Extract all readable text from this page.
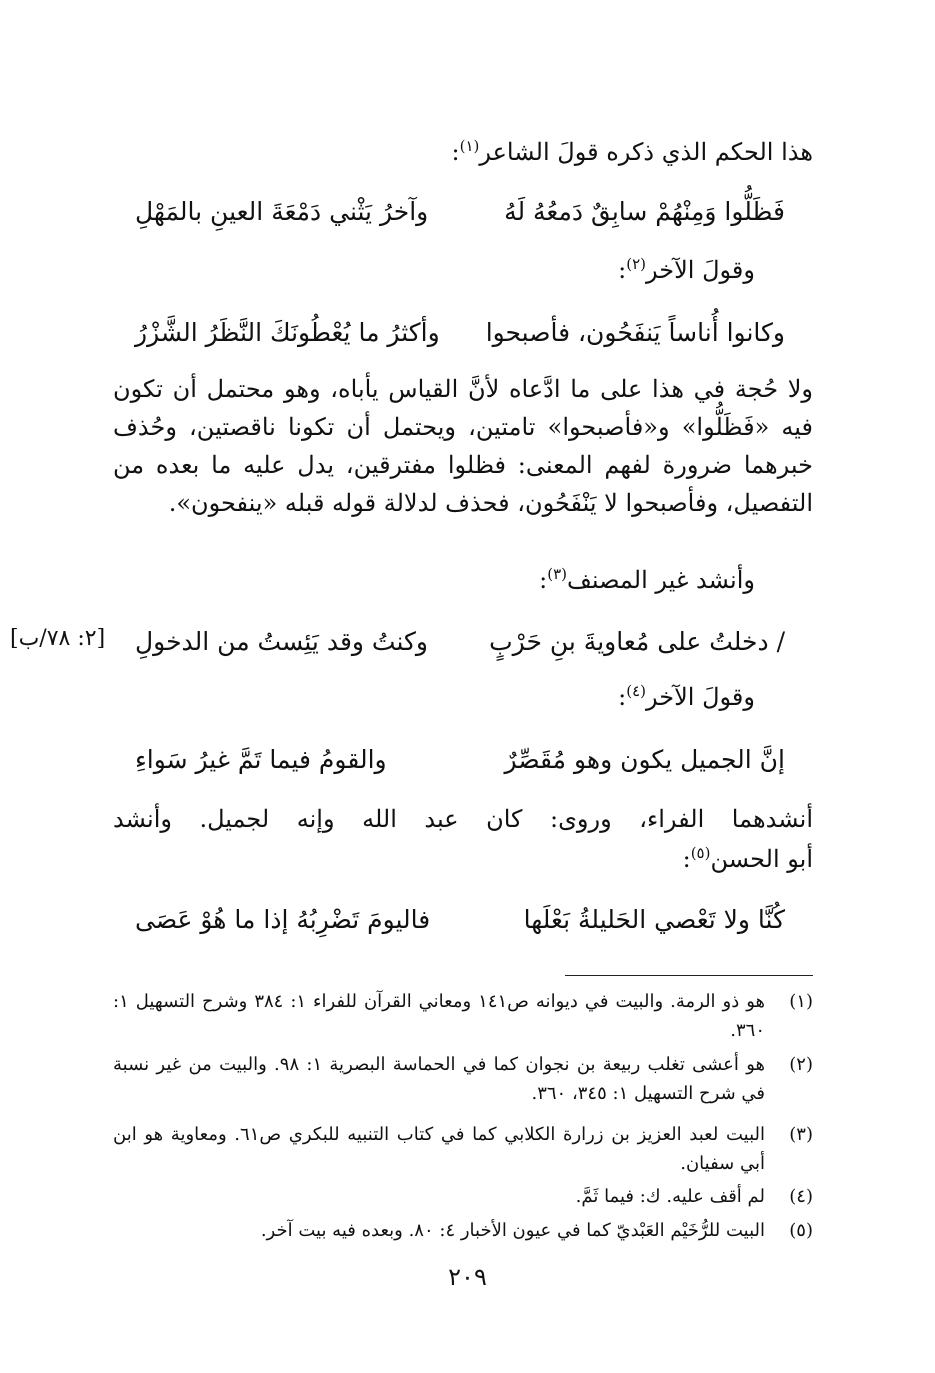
هذا الحكم الذي ذكره قولَ الشاعر$^{(١)}$:
فَظَلُّوا وَمِنْهُمْ سابِقٌ دَمعُهُ لَهُ
وآخرُ يَثْني دَمْعَةَ العينِ بالمَهْلِ
وقولَ الآخر$^{(٢)}$:
وكانوا أُناساً يَنفَحُون، فأصبحوا
وأكثرُ ما يُعْطُونَكَ النَّظَرُ الشَّزْرُ
ولا حُجة في هذا على ما ادَّعاه لأنَّ القياس يأباه، وهو محتمل أن تكون فيه «فَظَلُّوا» و«فأصبحوا» تامتين، ويحتمل أن تكونا ناقصتين، وحُذف خبرهما ضرورة لفهم المعنى: فظلوا مفترقين، يدل عليه ما بعده من التفصيل، وفأصبحوا لا يَنْفَحُون، فحذف لدلالة قوله قبله «ينفحون».
وأنشد غير المصنف$^{(٣)}$:
/ دخلتُ على مُعاويةَ بنِ حَرْبٍ
وكنتُ وقد يَئِستُ من الدخولِ
[٢: ٧٨/ب]
وقولَ الآخر$^{(٤)}$:
إنَّ الجميل يكون وهو مُقَصِّرٌ
والقومُ فيما تَمَّ غيرُ سَواءِ
أنشدهما الفراء، وروى: كان عبد الله وإنه لجميل. وأنشد
أبو الحسن$^{(٥)}$:
كُنَّا ولا تَعْصي الحَليلةُ بَعْلَها
فاليومَ تَضْرِبُهُ إذا ما هُوْ عَصَى
(١)
هو ذو الرمة. والبيت في ديوانه ص١٤١ ومعاني القرآن للفراء ١: ٣٨٤ وشرح التسهيل ١: ٣٦٠.
(٢)
هو أعشى تغلب ربيعة بن نجوان كما في الحماسة البصرية ١: ٩٨. والبيت من غير نسبة في شرح التسهيل ١: ٣٤٥، ٣٦٠.
(٣)
البيت لعبد العزيز بن زرارة الكلابي كما في كتاب التنبيه للبكري ص٦١. ومعاوية هو ابن أبي سفيان.
(٤)
لم أقف عليه. ك: فيما ثَمَّ.
(٥)
البيت للرُّخَيْم العَبْديّ كما في عيون الأخبار ٤: ٨٠. وبعده فيه بيت آخر.
٢٠٩
